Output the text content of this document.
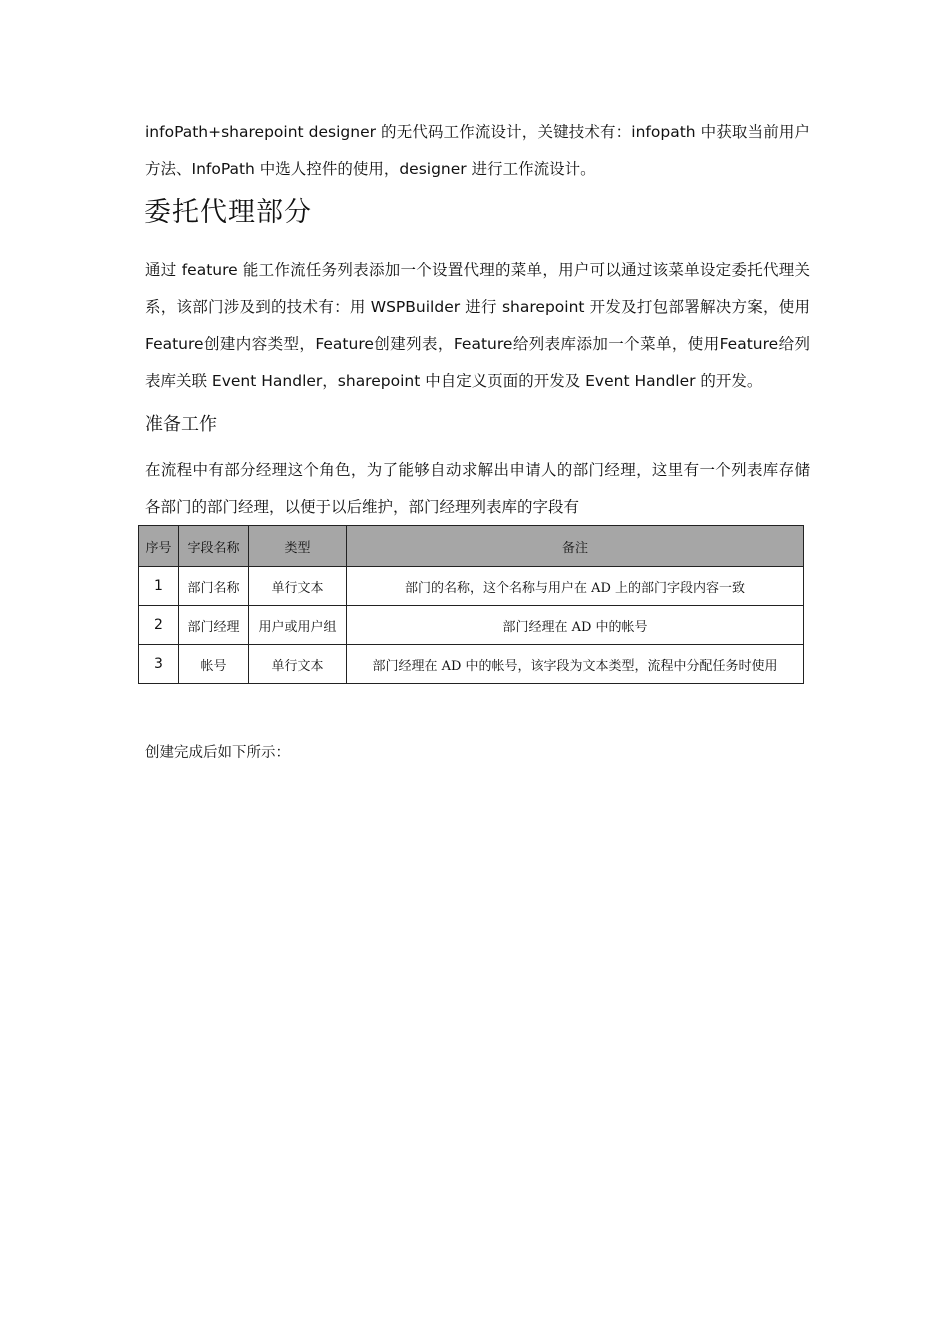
infoPath+sharepoint designer 的无代码工作流设计，关键技术有：infopath 中获取当前用户方法、InfoPath 中选人控件的使用，designer 进行工作流设计。

委托代理部分

通过 feature 能工作流任务列表添加一个设置代理的菜单，用户可以通过该菜单设定委托代理关系，该部门涉及到的技术有：用 WSPBuilder 进行 sharepoint 开发及打包部署解决方案，使用Feature创建内容类型，Feature创建列表，Feature给列表库添加一个菜单，使用Feature给列表库关联 Event Handler，sharepoint 中自定义页面的开发及 Event Handler 的开发。

准备工作

在流程中有部分经理这个角色，为了能够自动求解出申请人的部门经理，这里有一个列表库存储各部门的部门经理，以便于以后维护，部门经理列表库的字段有

序号	字段名称	类型	备注
1	部门名称	单行文本	部门的名称，这个名称与用户在 AD 上的部门字段内容一致
2	部门经理	用户或用户组	部门经理在 AD 中的帐号
3	帐号	单行文本	部门经理在 AD 中的帐号，该字段为文本类型，流程中分配任务时使用

创建完成后如下所示：
